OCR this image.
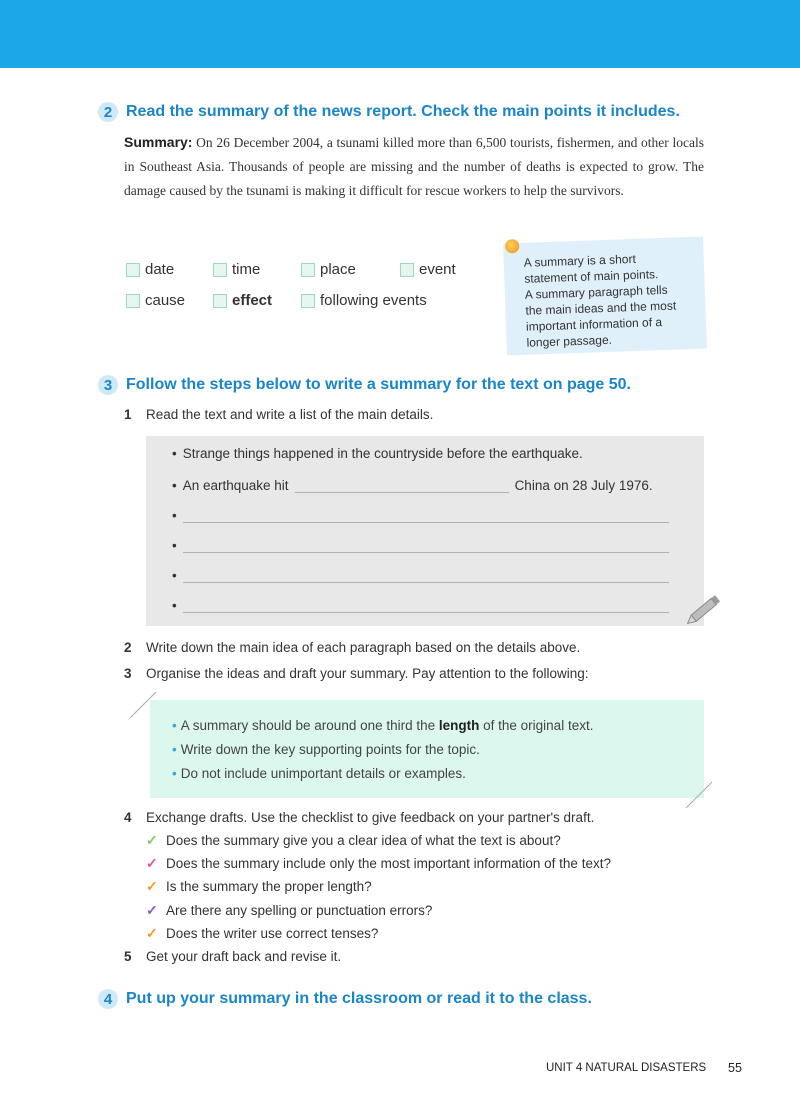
2 Read the summary of the news report. Check the main points it includes.
Summary: On 26 December 2004, a tsunami killed more than 6,500 tourists, fishermen, and other locals in Southeast Asia. Thousands of people are missing and the number of deaths is expected to grow. The damage caused by the tsunami is making it difficult for rescue workers to help the survivors.
date	time	place	event
cause	effect	following events
A summary is a short
statement of main points.
A summary paragraph tells
the main ideas and the most
important information of a
longer passage.
3 Follow the steps below to write a summary for the text on page 50.
1	Read the text and write a list of the main details.
• Strange things happened in the countryside before the earthquake.
• An earthquake hit	China on 28 July 1976.
•
•
•
•
2	Write down the main idea of each paragraph based on the details above.
3	Organise the ideas and draft your summary. Pay attention to the following:
• A summary should be around one third the length of the original text.
• Write down the key supporting points for the topic.
• Do not include unimportant details or examples.
4	Exchange drafts. Use the checklist to give feedback on your partner's draft.
✓ Does the summary give you a clear idea of what the text is about?
✓ Does the summary include only the most important information of the text?
✓ Is the summary the proper length?
✓ Are there any spelling or punctuation errors?
✓ Does the writer use correct tenses?
5	Get your draft back and revise it.
4 Put up your summary in the classroom or read it to the class.
UNIT 4 NATURAL DISASTERS 55
